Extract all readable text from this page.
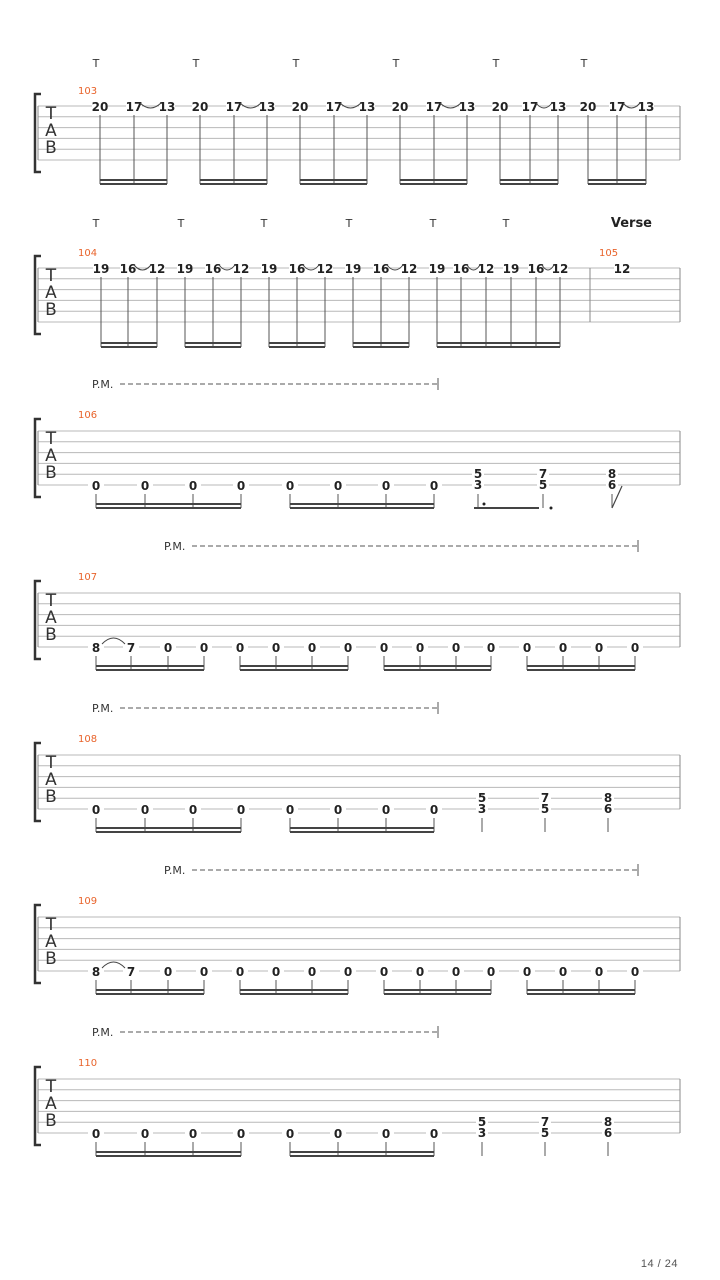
T
A
B
103
T	T	T	T	T	T
20 17 13 20 17 13 20 17 13 20 17 13 20 17 13 20 17 13
T
A
B
104	105
T	T	T	T	T	T	Verse
19 16 12 19 16 12 19 16 12 19 16 12 19 16 12 19 16 12	12
T
A
B
106
P.M.
0	0	0	0	0	0	0	0
5
3
7
5
8
6
T
A
B
107
P.M.
8 7 0 0 0 0 0 0 0 0 0 0 0 0 0 0
T
A
B
108
P.M.
0	0	0	0	0	0	0	0
5
3
7
5
8
6
T
A
B
109
P.M.
8 7 0 0 0 0 0 0 0 0 0 0 0 0 0 0
T
A
B
110
P.M.
0	0	0	0	0	0	0	0
5
3
7
5
8
6
14 / 24
